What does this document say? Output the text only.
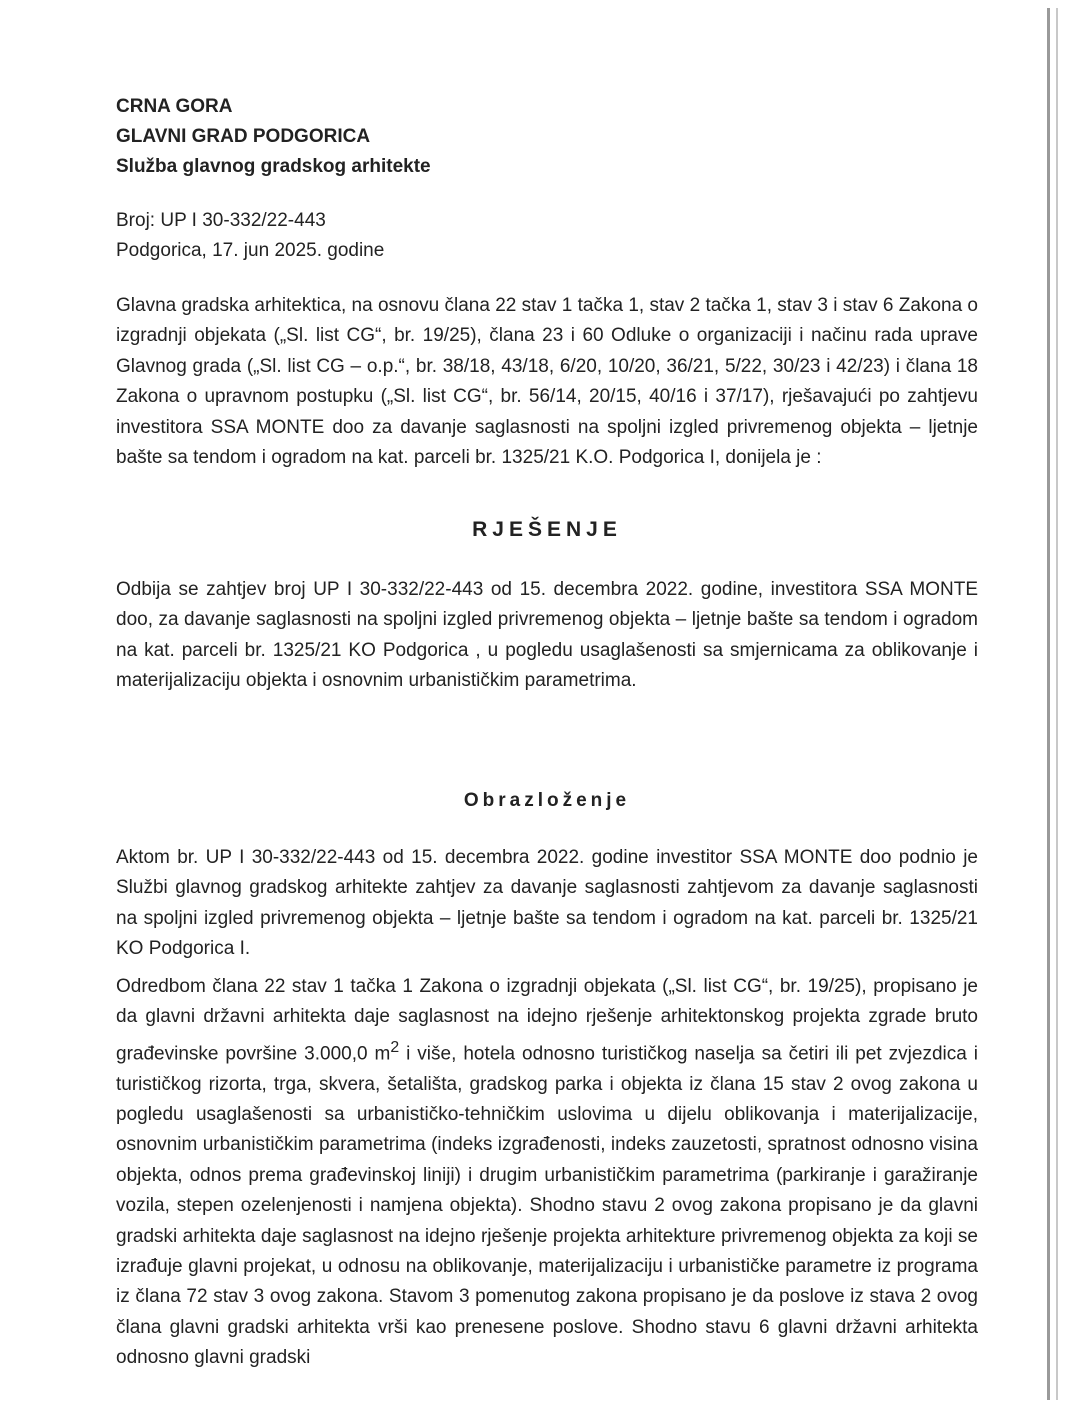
CRNA GORA
GLAVNI GRAD PODGORICA
Služba glavnog gradskog arhitekte
Broj: UP I 30-332/22-443
Podgorica, 17. jun 2025. godine
Glavna gradska arhitektica, na osnovu člana 22 stav 1 tačka 1, stav 2 tačka 1, stav 3 i stav 6 Zakona o izgradnji objekata („Sl. list CG“, br. 19/25), člana 23 i 60 Odluke o organizaciji i načinu rada uprave Glavnog grada („Sl. list CG – o.p.“, br. 38/18, 43/18, 6/20, 10/20, 36/21, 5/22, 30/23 i 42/23) i člana 18 Zakona o upravnom postupku („Sl. list CG“, br. 56/14, 20/15, 40/16 i 37/17), rješavajući po zahtjevu investitora SSA MONTE doo za davanje saglasnosti na spoljni izgled privremenog objekta – ljetnje bašte sa tendom i ogradom na kat. parceli br. 1325/21 K.O. Podgorica I, donijela je :
RJEŠENJE
Odbija se zahtjev broj UP I 30-332/22-443 od 15. decembra 2022. godine, investitora SSA MONTE doo, za davanje saglasnosti na spoljni izgled privremenog objekta – ljetnje bašte sa tendom i ogradom na kat. parceli br. 1325/21 KO Podgorica , u pogledu usaglašenosti sa smjernicama za oblikovanje i materijalizaciju objekta i osnovnim urbanističkim parametrima.
Obrazloženje
Aktom br. UP I 30-332/22-443 od 15. decembra 2022. godine investitor SSA MONTE doo podnio je Službi glavnog gradskog arhitekte zahtjev za davanje saglasnosti zahtjevom za davanje saglasnosti na spoljni izgled privremenog objekta – ljetnje bašte sa tendom i ogradom na kat. parceli br. 1325/21 KO Podgorica I.
Odredbom člana 22 stav 1 tačka 1 Zakona o izgradnji objekata („Sl. list CG“, br. 19/25), propisano je da glavni državni arhitekta daje saglasnost na idejno rješenje arhitektonskog projekta zgrade bruto građevinske površine 3.000,0 $m^2$ i više, hotela odnosno turističkog naselja sa četiri ili pet zvjezdica i turističkog rizorta, trga, skvera, šetališta, gradskog parka i objekta iz člana 15 stav 2 ovog zakona u pogledu usaglašenosti sa urbanističko-tehničkim uslovima u dijelu oblikovanja i materijalizacije, osnovnim urbanističkim parametrima (indeks izgrađenosti, indeks zauzetosti, spratnost odnosno visina objekta, odnos prema građevinskoj liniji) i drugim urbanističkim parametrima (parkiranje i garažiranje vozila, stepen ozelenjenosti i namjena objekta). Shodno stavu 2 ovog zakona propisano je da glavni gradski arhitekta daje saglasnost na idejno rješenje projekta arhitekture privremenog objekta za koji se izrađuje glavni projekat, u odnosu na oblikovanje, materijalizaciju i urbanističke parametre iz programa iz člana 72 stav 3 ovog zakona. Stavom 3 pomenutog zakona propisano je da poslove iz stava 2 ovog člana glavni gradski arhitekta vrši kao prenesene poslove. Shodno stavu 6 glavni državni arhitekta odnosno glavni gradski
